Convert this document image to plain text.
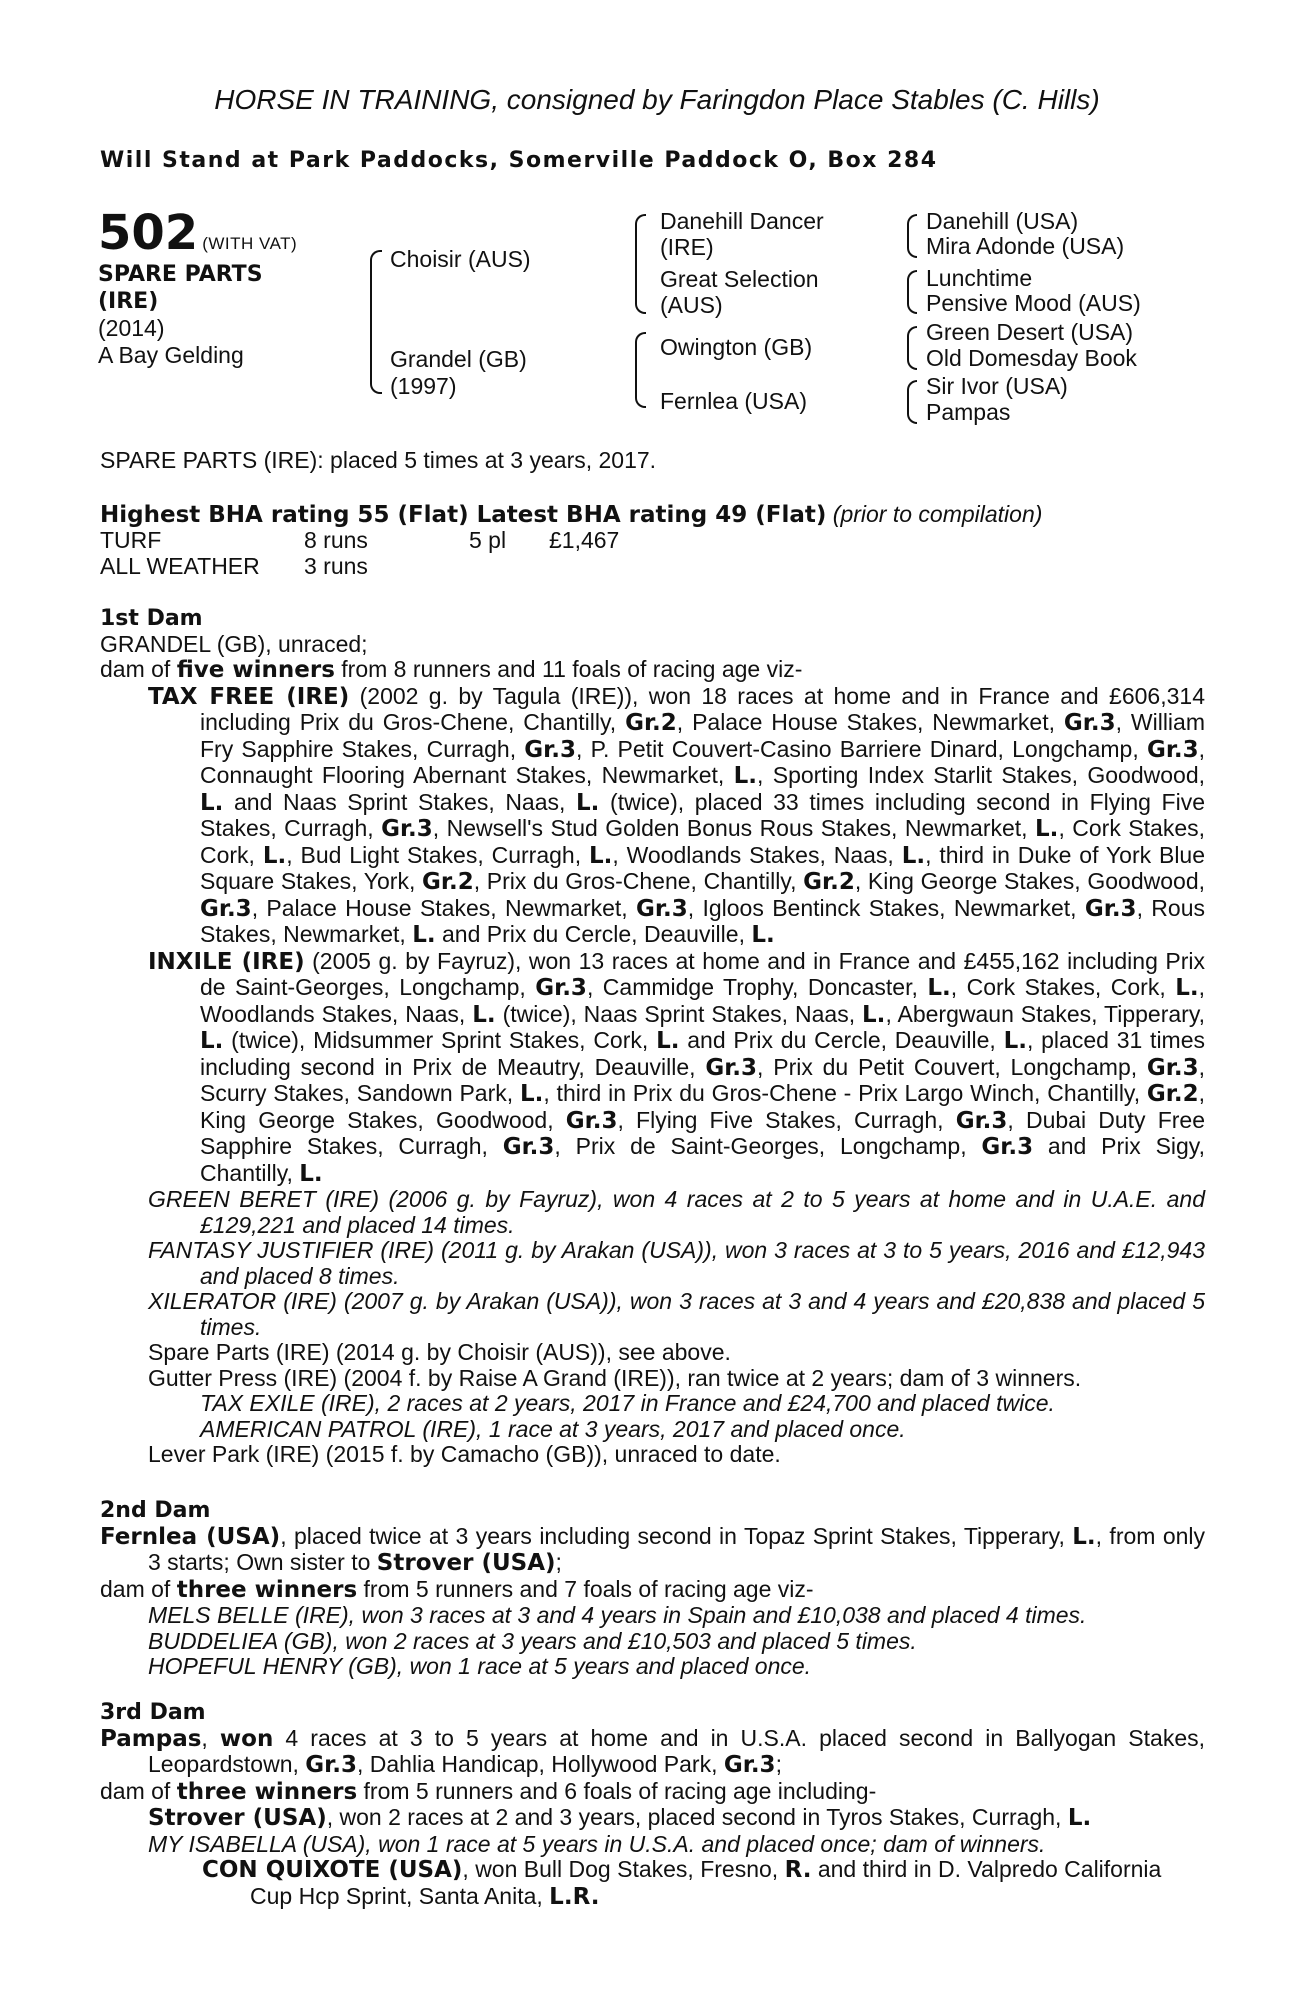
HORSE IN TRAINING, consigned by Faringdon Place Stables (C. Hills)
Will Stand at Park Paddocks, Somerville Paddock O, Box 284
502 (WITH VAT)
SPARE PARTS
(IRE)
(2014)
A Bay Gelding
Choisir (AUS)
Grandel (GB)
(1997)
Danehill Dancer
(IRE)
Great Selection
(AUS)
Owington (GB)
Fernlea (USA)
Danehill (USA)
Mira Adonde (USA)
Lunchtime
Pensive Mood (AUS)
Green Desert (USA)
Old Domesday Book
Sir Ivor (USA)
Pampas
SPARE PARTS (IRE): placed 5 times at 3 years, 2017.
Highest BHA rating 55 (Flat) Latest BHA rating 49 (Flat) (prior to compilation)
TURF	8 runs	5 pl £1,467
ALL WEATHER 3 runs
1st Dam
GRANDEL (GB), unraced;
dam of five winners from 8 runners and 11 foals of racing age viz-
TAX FREE (IRE) (2002 g. by Tagula (IRE)), won 18 races at home and in France and £606,314 including Prix du Gros-Chene, Chantilly, Gr.2, Palace House Stakes, Newmarket, Gr.3, William Fry Sapphire Stakes, Curragh, Gr.3, P. Petit Couvert-Casino Barriere Dinard, Longchamp, Gr.3, Connaught Flooring Abernant Stakes, Newmarket, L., Sporting Index Starlit Stakes, Goodwood, L. and Naas Sprint Stakes, Naas, L. (twice), placed 33 times including second in Flying Five Stakes, Curragh, Gr.3, Newsell's Stud Golden Bonus Rous Stakes, Newmarket, L., Cork Stakes, Cork, L., Bud Light Stakes, Curragh, L., Woodlands Stakes, Naas, L., third in Duke of York Blue Square Stakes, York, Gr.2, Prix du Gros-Chene, Chantilly, Gr.2, King George Stakes, Goodwood, Gr.3, Palace House Stakes, Newmarket, Gr.3, Igloos Bentinck Stakes, Newmarket, Gr.3, Rous Stakes, Newmarket, L. and Prix du Cercle, Deauville, L.
INXILE (IRE) (2005 g. by Fayruz), won 13 races at home and in France and £455,162 including Prix de Saint-Georges, Longchamp, Gr.3, Cammidge Trophy, Doncaster, L., Cork Stakes, Cork, L., Woodlands Stakes, Naas, L. (twice), Naas Sprint Stakes, Naas, L., Abergwaun Stakes, Tipperary, L. (twice), Midsummer Sprint Stakes, Cork, L. and Prix du Cercle, Deauville, L., placed 31 times including second in Prix de Meautry, Deauville, Gr.3, Prix du Petit Couvert, Longchamp, Gr.3, Scurry Stakes, Sandown Park, L., third in Prix du Gros-Chene - Prix Largo Winch, Chantilly, Gr.2, King George Stakes, Goodwood, Gr.3, Flying Five Stakes, Curragh, Gr.3, Dubai Duty Free Sapphire Stakes, Curragh, Gr.3, Prix de Saint-Georges, Longchamp, Gr.3 and Prix Sigy, Chantilly, L.
GREEN BERET (IRE) (2006 g. by Fayruz), won 4 races at 2 to 5 years at home and in U.A.E. and £129,221 and placed 14 times.
FANTASY JUSTIFIER (IRE) (2011 g. by Arakan (USA)), won 3 races at 3 to 5 years, 2016 and £12,943 and placed 8 times.
XILERATOR (IRE) (2007 g. by Arakan (USA)), won 3 races at 3 and 4 years and £20,838 and placed 5 times.
Spare Parts (IRE) (2014 g. by Choisir (AUS)), see above.
Gutter Press (IRE) (2004 f. by Raise A Grand (IRE)), ran twice at 2 years; dam of 3 winners.
TAX EXILE (IRE), 2 races at 2 years, 2017 in France and £24,700 and placed twice.
AMERICAN PATROL (IRE), 1 race at 3 years, 2017 and placed once.
Lever Park (IRE) (2015 f. by Camacho (GB)), unraced to date.
2nd Dam
Fernlea (USA), placed twice at 3 years including second in Topaz Sprint Stakes, Tipperary, L., from only 3 starts; Own sister to Strover (USA);
dam of three winners from 5 runners and 7 foals of racing age viz-
MELS BELLE (IRE), won 3 races at 3 and 4 years in Spain and £10,038 and placed 4 times.
BUDDELIEA (GB), won 2 races at 3 years and £10,503 and placed 5 times.
HOPEFUL HENRY (GB), won 1 race at 5 years and placed once.
3rd Dam
Pampas, won 4 races at 3 to 5 years at home and in U.S.A. placed second in Ballyogan Stakes, Leopardstown, Gr.3, Dahlia Handicap, Hollywood Park, Gr.3;
dam of three winners from 5 runners and 6 foals of racing age including-
Strover (USA), won 2 races at 2 and 3 years, placed second in Tyros Stakes, Curragh, L.
MY ISABELLA (USA), won 1 race at 5 years in U.S.A. and placed once; dam of winners.
CON QUIXOTE (USA), won Bull Dog Stakes, Fresno, R. and third in D. Valpredo California Cup Hcp Sprint, Santa Anita, L.R.
